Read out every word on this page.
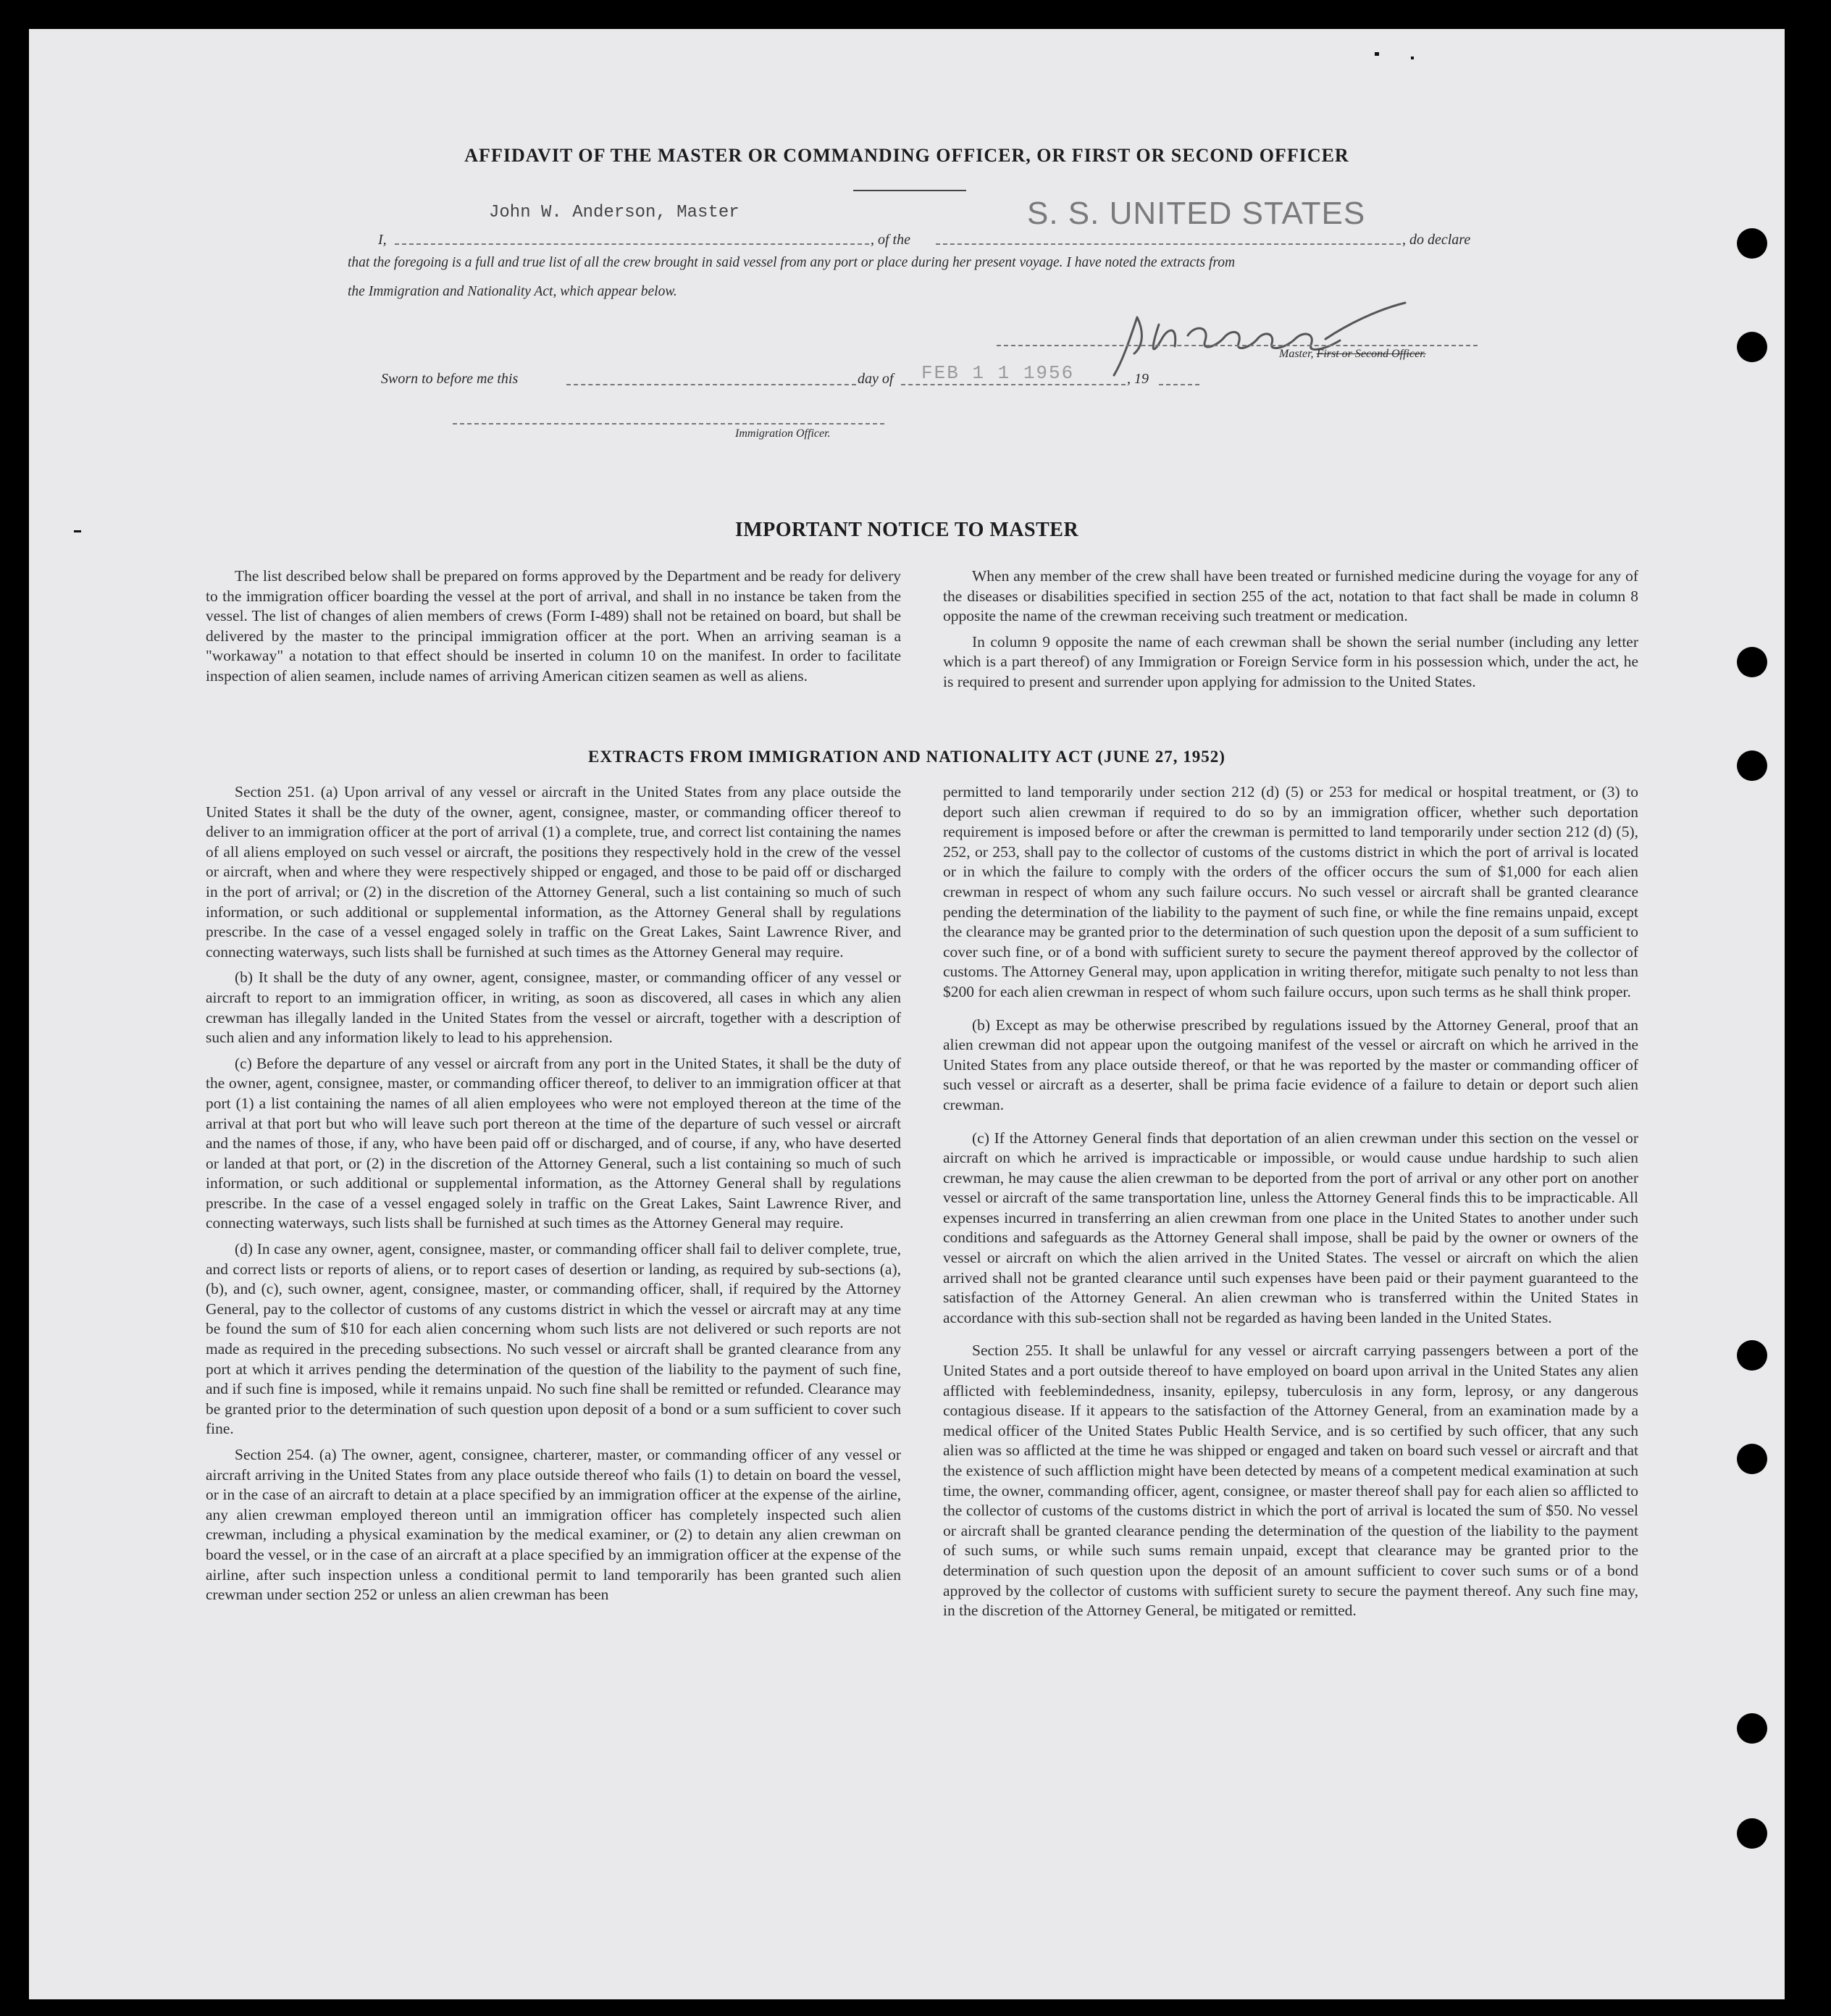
AFFIDAVIT OF THE MASTER OR COMMANDING OFFICER, OR FIRST OR SECOND OFFICER
John W. Anderson, Master
I,	, of the
S. S. UNITED STATES
, do declare
that the foregoing is a full and true list of all the crew brought in said vessel from any port or place during her present voyage. I have noted the extracts from
the Immigration and Nationality Act, which appear below.
Master, First or Second Officer.
Sworn to before me this	day of FEB 1 1 1956	, 19
Immigration Officer.
IMPORTANT NOTICE TO MASTER

The list described below shall be prepared on forms approved by the Department and be ready for delivery to the immigration officer boarding the vessel at the port of arrival, and shall in no instance be taken from the vessel. The list of changes of alien members of crews (Form I-489) shall not be retained on board, but shall be delivered by the master to the principal immigration officer at the port. When an arriving seaman is a "workaway" a notation to that effect should be inserted in column 10 on the manifest. In order to facilitate inspection of alien seamen, include names of arriving American citizen seamen as well as aliens.

When any member of the crew shall have been treated or furnished medicine during the voyage for any of the diseases or disabilities specified in section 255 of the act, notation to that fact shall be made in column 8 opposite the name of the crewman receiving such treatment or medication.

In column 9 opposite the name of each crewman shall be shown the serial number (including any letter which is a part thereof) of any Immigration or Foreign Service form in his possession which, under the act, he is required to present and surrender upon applying for admission to the United States.

EXTRACTS FROM IMMIGRATION AND NATIONALITY ACT (JUNE 27, 1952)

Section 251. (a) Upon arrival of any vessel or aircraft in the United States from any place outside the United States it shall be the duty of the owner, agent, consignee, master, or commanding officer thereof to deliver to an immigration officer at the port of arrival (1) a complete, true, and correct list containing the names of all aliens employed on such vessel or aircraft, the positions they respectively hold in the crew of the vessel or aircraft, when and where they were respectively shipped or engaged, and those to be paid off or discharged in the port of arrival; or (2) in the discretion of the Attorney General, such a list containing so much of such information, or such additional or supplemental information, as the Attorney General shall by regulations prescribe. In the case of a vessel engaged solely in traffic on the Great Lakes, Saint Lawrence River, and connecting waterways, such lists shall be furnished at such times as the Attorney General may require.

(b) It shall be the duty of any owner, agent, consignee, master, or commanding officer of any vessel or aircraft to report to an immigration officer, in writing, as soon as discovered, all cases in which any alien crewman has illegally landed in the United States from the vessel or aircraft, together with a description of such alien and any information likely to lead to his apprehension.

(c) Before the departure of any vessel or aircraft from any port in the United States, it shall be the duty of the owner, agent, consignee, master, or commanding officer thereof, to deliver to an immigration officer at that port (1) a list containing the names of all alien employees who were not employed thereon at the time of the arrival at that port but who will leave such port thereon at the time of the departure of such vessel or aircraft and the names of those, if any, who have been paid off or discharged, and of course, if any, who have deserted or landed at that port, or (2) in the discretion of the Attorney General, such a list containing so much of such information, or such additional or supplemental information, as the Attorney General shall by regulations prescribe. In the case of a vessel engaged solely in traffic on the Great Lakes, Saint Lawrence River, and connecting waterways, such lists shall be furnished at such times as the Attorney General may require.

(d) In case any owner, agent, consignee, master, or commanding officer shall fail to deliver complete, true, and correct lists or reports of aliens, or to report cases of desertion or landing, as required by sub-sections (a), (b), and (c), such owner, agent, consignee, master, or commanding officer, shall, if required by the Attorney General, pay to the collector of customs of any customs district in which the vessel or aircraft may at any time be found the sum of $10 for each alien concerning whom such lists are not delivered or such reports are not made as required in the preceding subsections. No such vessel or aircraft shall be granted clearance from any port at which it arrives pending the determination of the question of the liability to the payment of such fine, and if such fine is imposed, while it remains unpaid. No such fine shall be remitted or refunded. Clearance may be granted prior to the determination of such question upon deposit of a bond or a sum sufficient to cover such fine.

Section 254. (a) The owner, agent, consignee, charterer, master, or commanding officer of any vessel or aircraft arriving in the United States from any place outside thereof who fails (1) to detain on board the vessel, or in the case of an aircraft to detain at a place specified by an immigration officer at the expense of the airline, any alien crewman employed thereon until an immigration officer has completely inspected such alien crewman, including a physical examination by the medical examiner, or (2) to detain any alien crewman on board the vessel, or in the case of an aircraft at a place specified by an immigration officer at the expense of the airline, after such inspection unless a conditional permit to land temporarily has been granted such alien crewman under section 252 or unless an alien crewman has been

permitted to land temporarily under section 212 (d) (5) or 253 for medical or hospital treatment, or (3) to deport such alien crewman if required to do so by an immigration officer, whether such deportation requirement is imposed before or after the crewman is permitted to land temporarily under section 212 (d) (5), 252, or 253, shall pay to the collector of customs of the customs district in which the port of arrival is located or in which the failure to comply with the orders of the officer occurs the sum of $1,000 for each alien crewman in respect of whom any such failure occurs. No such vessel or aircraft shall be granted clearance pending the determination of the liability to the payment of such fine, or while the fine remains unpaid, except the clearance may be granted prior to the determination of such question upon the deposit of a sum sufficient to cover such fine, or of a bond with sufficient surety to secure the payment thereof approved by the collector of customs. The Attorney General may, upon application in writing therefor, mitigate such penalty to not less than $200 for each alien crewman in respect of whom such failure occurs, upon such terms as he shall think proper.

(b) Except as may be otherwise prescribed by regulations issued by the Attorney General, proof that an alien crewman did not appear upon the outgoing manifest of the vessel or aircraft on which he arrived in the United States from any place outside thereof, or that he was reported by the master or commanding officer of such vessel or aircraft as a deserter, shall be prima facie evidence of a failure to detain or deport such alien crewman.

(c) If the Attorney General finds that deportation of an alien crewman under this section on the vessel or aircraft on which he arrived is impracticable or impossible, or would cause undue hardship to such alien crewman, he may cause the alien crewman to be deported from the port of arrival or any other port on another vessel or aircraft of the same transportation line, unless the Attorney General finds this to be impracticable. All expenses incurred in transferring an alien crewman from one place in the United States to another under such conditions and safeguards as the Attorney General shall impose, shall be paid by the owner or owners of the vessel or aircraft on which the alien arrived in the United States. The vessel or aircraft on which the alien arrived shall not be granted clearance until such expenses have been paid or their payment guaranteed to the satisfaction of the Attorney General. An alien crewman who is transferred within the United States in accordance with this sub-section shall not be regarded as having been landed in the United States.

Section 255. It shall be unlawful for any vessel or aircraft carrying passengers between a port of the United States and a port outside thereof to have employed on board upon arrival in the United States any alien afflicted with feeblemindedness, insanity, epilepsy, tuberculosis in any form, leprosy, or any dangerous contagious disease. If it appears to the satisfaction of the Attorney General, from an examination made by a medical officer of the United States Public Health Service, and is so certified by such officer, that any such alien was so afflicted at the time he was shipped or engaged and taken on board such vessel or aircraft and that the existence of such affliction might have been detected by means of a competent medical examination at such time, the owner, commanding officer, agent, consignee, or master thereof shall pay for each alien so afflicted to the collector of customs of the customs district in which the port of arrival is located the sum of $50. No vessel or aircraft shall be granted clearance pending the determination of the question of the liability to the payment of such sums, or while such sums remain unpaid, except that clearance may be granted prior to the determination of such question upon the deposit of an amount sufficient to cover such sums or of a bond approved by the collector of customs with sufficient surety to secure the payment thereof. Any such fine may, in the discretion of the Attorney General, be mitigated or remitted.
